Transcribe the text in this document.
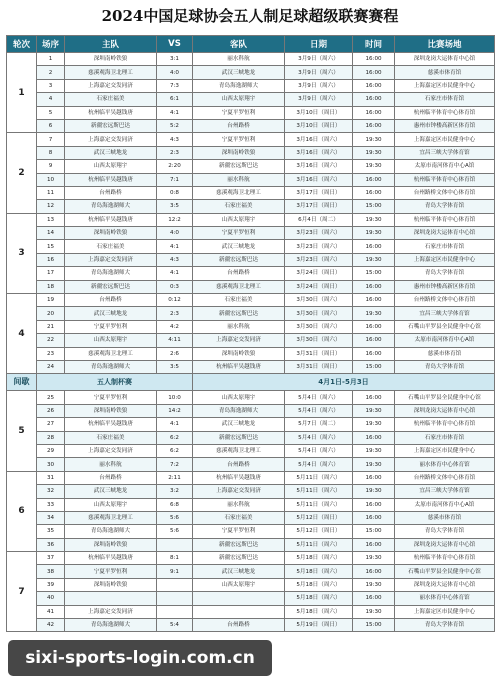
2024中国足球协会五人制足球超级联赛赛程
轮次	场序	主队	VS	客队	日期	时间	比赛场地
1	1	深圳南岭铁狼	3:1	丽水科航	3月9日（周六）	16:00	深圳龙岗大运体育中心馆
	2	慈溪观海卫北理工	4:0	武汉三峡地龙	3月9日（周六）	16:00	慈溪市体育馆
	3	上海嘉定交发同济	7:3	青岛海逸湖师大	3月9日（周六）	16:00	上海嘉定区市民健身中心
	4	石家庄福美	6:1	山西太原翔宇	3月9日（周六）	16:00	石家庄市体育馆
	5	杭州临平吴越钱唐	4:1	宁夏平罗恒利	3月10日（周日）	16:00	杭州临平体育中心体育馆
	6	新疆宏远斯巴达	5:2	台州路桥	3月10日（周日）	16:00	惠州市钟楼高新区体育馆
2	7	上海嘉定交发同济	4:3	宁夏平罗恒利	3月16日（周六）	19:30	上海嘉定区市民健身中心
	8	武汉三峡地龙	2:3	深圳南岭铁狼	3月16日（周六）	19:30	宜昌三峡大学体育馆
	9	山西太原翔宇	2:20	新疆宏远斯巴达	3月16日（周六）	19:30	太原市南河体育中心A馆
	10	杭州临平吴越钱唐	7:1	丽水科航	3月16日（周六）	16:00	杭州临平体育中心体育馆
	11	台州路桥	0:8	慈溪观海卫北理工	3月17日（周日）	16:00	台州路桥文体中心体育馆
	12	青岛海逸湖师大	3:5	石家庄福美	3月17日（周日）	15:00	青岛大学体育馆
3	13	杭州临平吴越钱唐	12:2	山西太原翔宇	6月4日（周二）	19:30	杭州临平体育中心体育馆
	14	深圳南岭铁狼	4:0	宁夏平罗恒利	3月23日（周六）	19:30	深圳龙岗大运体育中心馆
	15	石家庄福美	4:1	武汉三峡地龙	3月23日（周六）	16:00	石家庄市体育馆
	16	上海嘉定交发同济	4:3	新疆宏远斯巴达	3月23日（周六）	19:30	上海嘉定区市民健身中心
	17	青岛海逸湖师大	4:1	台州路桥	3月24日（周日）	15:00	青岛大学体育馆
	18	新疆宏远斯巴达	0:3	慈溪观海卫北理工	3月24日（周日）	16:00	惠州市钟楼高新区体育馆
4	19	台州路桥	0:12	石家庄福美	3月30日（周六）	16:00	台州路桥文体中心体育馆
	20	武汉三峡地龙	2:3	新疆宏远斯巴达	3月30日（周六）	19:30	宜昌三峡大学体育馆
	21	宁夏平罗恒利	4:2	丽水科航	3月30日（周六）	16:00	石嘴山平罗县全民健身中心馆
	22	山西太原翔宇	4:11	上海嘉定交发同济	3月30日（周六）	16:00	太原市南河体育中心A馆
	23	慈溪观海卫北理工	2:6	深圳南岭铁狼	3月31日（周日）	16:00	慈溪市体育馆
	24	青岛海逸湖师大	3:5	杭州临平吴越钱唐	3月31日（周日）	15:00	青岛大学体育馆
间歇	五人制杯赛			4月1日-5月3日			
5	25	宁夏平罗恒利	10:0	山西太原翔宇	5月4日（周六）	16:00	石嘴山平罗县全民健身中心馆
	26	深圳南岭铁狼	14:2	青岛海逸湖师大	5月4日（周六）	19:30	深圳龙岗大运体育中心馆
	27	杭州临平吴越钱唐	4:1	武汉三峡地龙	5月7日（周二）	19:30	杭州临平体育中心体育馆
	28	石家庄福美	6:2	新疆宏远斯巴达	5月4日（周六）	16:00	石家庄市体育馆
	29	上海嘉定交发同济	6:2	慈溪观海卫北理工	5月4日（周六）	19:30	上海嘉定区市民健身中心
	30	丽水科航	7:2	台州路桥	5月4日（周六）	19:30	丽水体育中心体育馆
6	31	台州路桥	2:11	杭州临平吴越钱唐	5月11日（周六）	16:00	台州路桥文体中心体育馆
	32	武汉三峡地龙	3:2	上海嘉定交发同济	5月11日（周六）	19:30	宜昌三峡大学体育馆
	33	山西太原翔宇	6:8	丽水科航	5月11日（周六）	16:00	太原市南河体育中心A馆
	34	慈溪观海卫北理工	5:6	石家庄福美	5月12日（周日）	16:00	慈溪市体育馆
	35	青岛海逸湖师大	5:6	宁夏平罗恒利	5月12日（周日）	15:00	青岛大学体育馆
	36	深圳南岭铁狼		新疆宏远斯巴达	5月11日（周六）	16:00	深圳龙岗大运体育中心馆
7	37	杭州临平吴越钱唐	8:1	新疆宏远斯巴达	5月18日（周六）	19:30	杭州临平体育中心体育馆
	38	宁夏平罗恒利	9:1	武汉三峡地龙	5月18日（周六）	16:00	石嘴山平罗县全民健身中心馆
	39	深圳南岭铁狼		山西太原翔宇	5月18日（周六）	19:30	深圳龙岗大运体育中心馆
	40				5月18日（周六）	16:00	丽水体育中心体育馆
	41	上海嘉定交发同济			5月18日（周六）	19:30	上海嘉定区市民健身中心
	42	青岛海逸湖师大	5:4	台州路桥	5月19日（周日）	15:00	青岛大学体育馆
sixi-sports-login.com.cn
